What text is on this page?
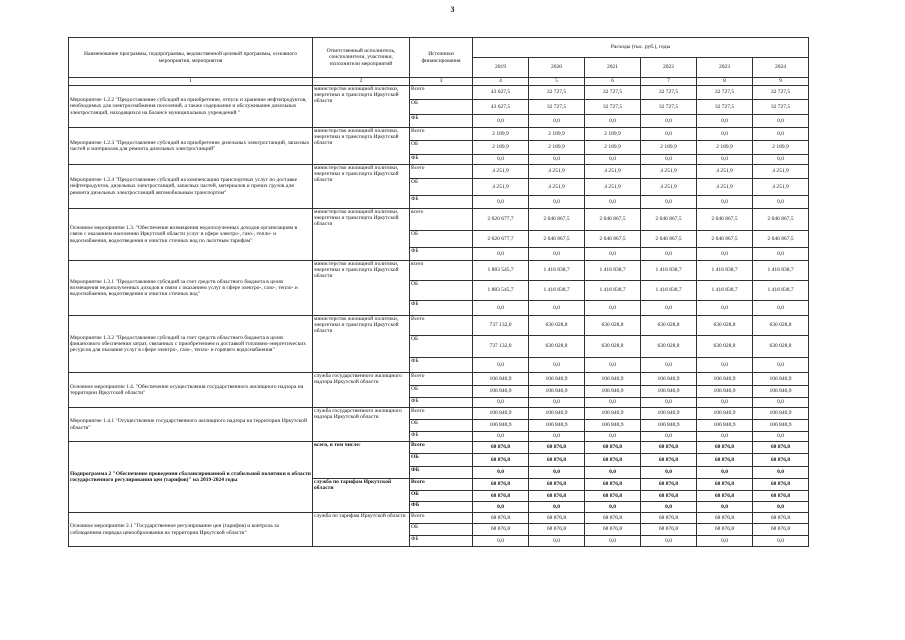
3
Наименование программы, подпрограммы, ведомственной целевой программы, основного мероприятия, мероприятия	Ответственный исполнитель, соисполнители, участники, исполнители мероприятий	Источники финансирования	Расходы (тыс. руб.), годы					
			2019	2020	2021	2022	2023	2024
1	2	3	4	5	6	7	8	9
Мероприятие 1.2.2 "Предоставление субсидий на приобретение, отпуск и хранение нефтепродуктов, необходимых для электроснабжения поселений, а также содержание и обслуживание дизельных электростанций, находящихся на балансе муниципальных учреждений "	министерство жилищной политики, энергетики и транспорта Иркутской области	Всего	43 627,5	32 727,5	32 727,5	32 727,5	32 727,5	32 727,5
		ОБ	43 627,5	32 727,5	32 727,5	32 727,5	32 727,5	32 727,5
		ФБ	0,0	0,0	0,0	0,0	0,0	0,0
Мероприятие 1.2.3 "Предоставление субсидий на приобретение дизельных электростанций, запасных частей и материалов для ремонта дизельных электростанций"	министерство жилищной политики, энергетики и транспорта Иркутской области	Всего	2 189,9	2 189,9	2 189,9	0,0	0,0	0,0
		ОБ	2 189,9	2 189,9	2 189,9	2 189,9	2 189,9	2 189,9
		ФБ	0,0	0,0	0,0	0,0	0,0	0,0
Мероприятие 1.2.4 "Предоставление субсидий на компенсацию транспортных услуг по доставке нефтепродуктов, дизельных электростанций, запасных частей, материалов и прочих грузов для ремонта дизельных электростанций автомобильным транспортом"	министерство жилищной политики, энергетики и транспорта Иркутской области	Всего	4 251,9	4 251,9	4 251,9	4 251,9	4 251,9	4 251,9
		ОБ	4 251,9	4 251,9	4 251,9	4 251,9	4 251,9	4 251,9
		ФБ	0,0	0,0	0,0	0,0	0,0	0,0
Основное мероприятие 1.3. "Обеспечение возмещения недополученных доходов организациям в связи с оказанием населению Иркутской области услуг в сфере электро-, газо-, тепло- и водоснабжения, водоотведения и очистки сточных вод по льготным тарифам"	министерство жилищной политики, энергетики и транспорта Иркутской области	всего	2 620 677,7	2 046 867,5	2 046 867,5	2 046 867,5	2 046 867,5	2 046 867,5
		ОБ	2 620 677,7	2 046 867,5	2 046 867,5	2 046 867,5	2 046 867,5	2 046 867,5
		ФБ	0,0	0,0	0,0	0,0	0,0	0,0
Мероприятие 1.3.1 "Предоставление субсидий за счет средств областного бюджета в целях возмещения недополученных доходов в связи с оказанием услуг в сфере электро-, газо-, тепло- и водоснабжения, водоотведения и очистки сточных вод"	министерство жилищной политики, энергетики и транспорта Иркутской области	всего	1 883 545,7	1 416 838,7	1 416 838,7	1 416 838,7	1 416 838,7	1 416 838,7
		ОБ	1 883 545,7	1 416 838,7	1 416 838,7	1 416 838,7	1 416 838,7	1 416 838,7
		ФБ	0,0	0,0	0,0	0,0	0,0	0,0
Мероприятие 1.3.2 "Предоставление субсидий за счет средств областного бюджета в целях финансового обеспечения затрат, связанных с приобретением и доставкой топливно-энергетических ресурсов для оказания услуг в сфере электро-, газо-, тепло- и горячего водоснабжения"	министерство жилищной политики, энергетики и транспорта Иркутской области	Всего	737 132,0	630 028,8	630 028,8	630 028,8	630 028,8	630 028,8
		ОБ	737 132,0	630 028,8	630 028,8	630 028,8	630 028,8	630 028,8
		ФБ	0,0	0,0	0,0	0,0	0,0	0,0
Основное мероприятие 1.4. "Обеспечение осуществления государственного жилищного надзора на территории Иркутской области"	служба государственного жилищного надзора Иркутской области	Всего	106 840,9	106 840,9	106 840,9	106 840,9	106 840,9	106 840,9
		ОБ	106 840,9	106 840,9	106 840,9	106 840,9	106 840,9	106 840,9
		ФБ	0,0	0,0	0,0	0,0	0,0	0,0
Мероприятие 1.4.1 "Осуществление государственного жилищного надзора на территории Иркутской области"	служба государственного жилищного надзора Иркутской области	Всего	106 840,9	106 840,9	106 840,9	106 840,9	106 840,9	106 840,9
		ОБ	106 840,9	106 840,9	106 840,9	106 840,9	106 840,9	106 840,9
		ФБ	0,0	0,0	0,0	0,0	0,0	0,0
Подпрограмма 2 "Обеспечение проведения сбалансированной и стабильной политики в области государственного регулирования цен (тарифов)" на 2019-2024 годы	всего, в том числе:	Всего	68 876,8	68 876,8	68 876,8	68 876,8	68 876,8	68 876,8
		ОБ	68 876,8	68 876,8	68 876,8	68 876,8	68 876,8	68 876,8
		ФБ	0,0	0,0	0,0	0,0	0,0	0,0
	служба по тарифам Иркутской области	Всего	68 876,8	68 876,8	68 876,8	68 876,8	68 876,8	68 876,8
		ОБ	68 876,8	68 876,8	68 876,8	68 876,8	68 876,8	68 876,8
		ФБ	0,0	0,0	0,0	0,0	0,0	0,0
Основное мероприятие 2.1 "Государственное регулирование цен (тарифов) и контроль за соблюдением порядка ценообразования на территории Иркутской области"	служба по тарифам Иркутской области	Всего	68 876,8	68 876,8	68 876,8	68 876,8	68 876,8	68 876,8
		ОБ	68 876,8	68 876,8	68 876,8	68 876,8	68 876,8	68 876,8
		ФБ	0,0	0,0	0,0	0,0	0,0	0,0
